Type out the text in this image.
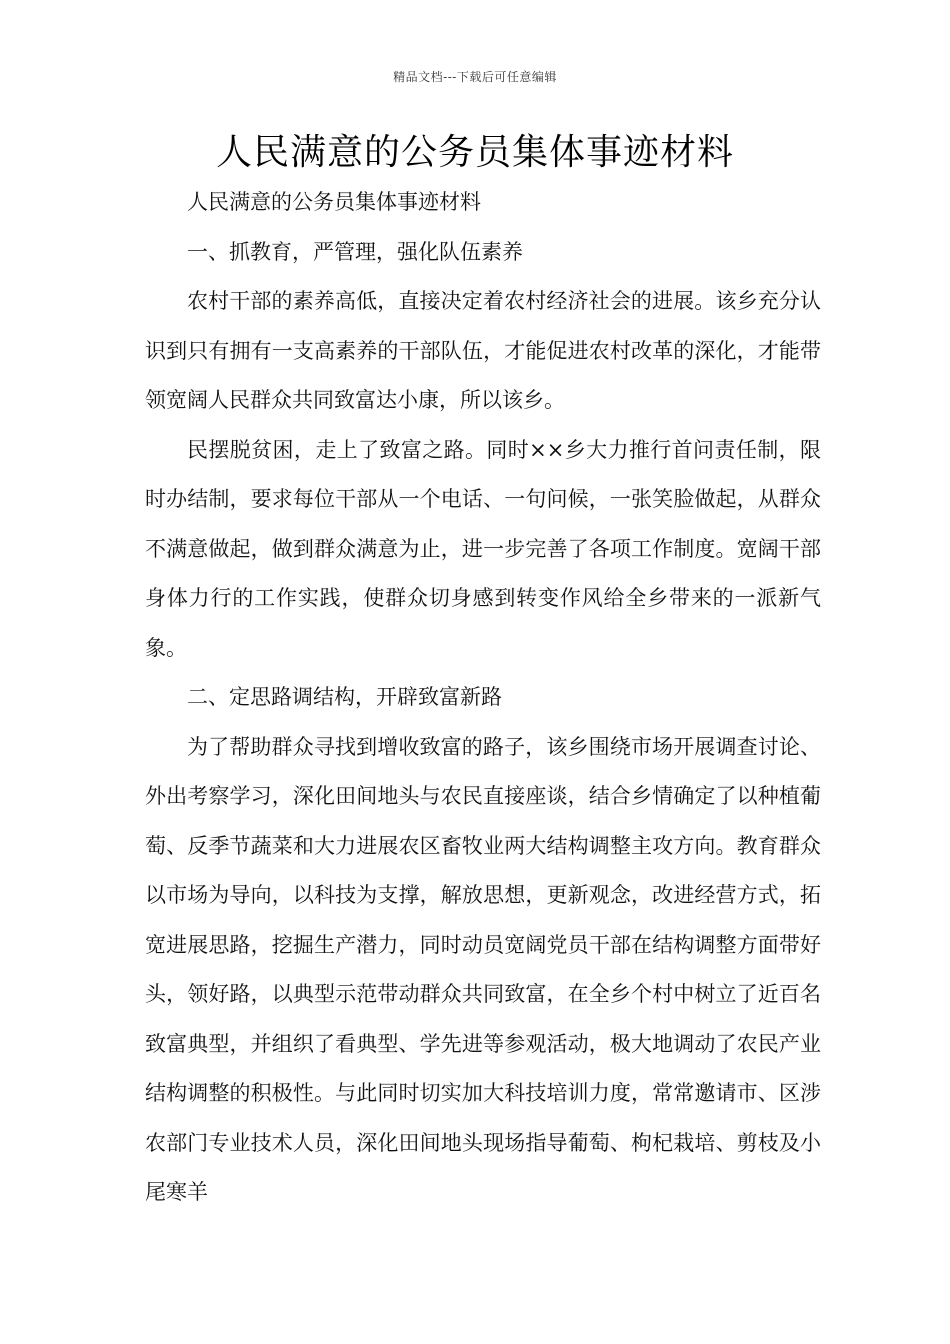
精品文档---下载后可任意编辑
人民满意的公务员集体事迹材料

人民满意的公务员集体事迹材料

一、抓教育，严管理，强化队伍素养

农村干部的素养高低，直接决定着农村经济社会的进展。该乡充分认识到只有拥有一支高素养的干部队伍，才能促进农村改革的深化，才能带领宽阔人民群众共同致富达小康，所以该乡。

民摆脱贫困，走上了致富之路。同时××乡大力推行首问责任制，限时办结制，要求每位干部从一个电话、一句问候，一张笑脸做起，从群众不满意做起，做到群众满意为止，进一步完善了各项工作制度。宽阔干部身体力行的工作实践，使群众切身感到转变作风给全乡带来的一派新气象。

二、定思路调结构，开辟致富新路

为了帮助群众寻找到增收致富的路子，该乡围绕市场开展调查讨论、外出考察学习，深化田间地头与农民直接座谈，结合乡情确定了以种植葡萄、反季节蔬菜和大力进展农区畜牧业两大结构调整主攻方向。教育群众以市场为导向，以科技为支撑，解放思想，更新观念，改进经营方式，拓宽进展思路，挖掘生产潜力，同时动员宽阔党员干部在结构调整方面带好头，领好路，以典型示范带动群众共同致富，在全乡个村中树立了近百名致富典型，并组织了看典型、学先进等参观活动，极大地调动了农民产业结构调整的积极性。与此同时切实加大科技培训力度，常常邀请市、区涉农部门专业技术人员，深化田间地头现场指导葡萄、枸杞栽培、剪枝及小尾寒羊
